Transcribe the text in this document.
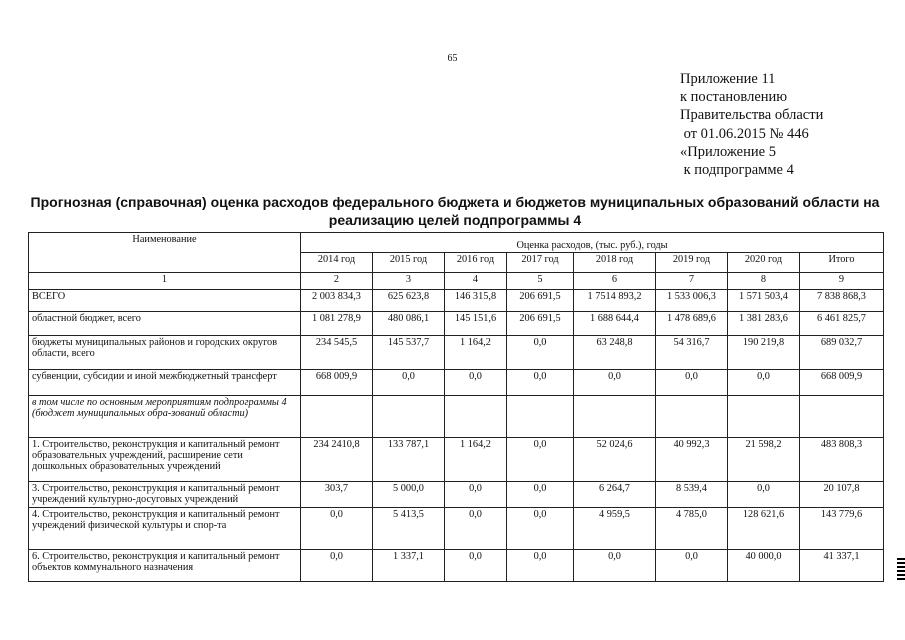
65
Приложение 11
к постановлению
Правительства области
от 01.06.2015 № 446
«Приложение 5
к подпрограмме 4
Прогнозная (справочная) оценка расходов федерального бюджета и бюджетов муниципальных образований области на реализацию целей подпрограммы 4
Наименование	Оценка расходов, (тыс. руб.), годы							
	2014 год	2015 год	2016 год	2017 год	2018 год	2019 год	2020 год	Итого
1	2	3	4	5	6	7	8	9
ВСЕГО	2 003 834,3	625 623,8	146 315,8	206 691,5	1 7514 893,2	1 533 006,3	1 571 503,4	7 838 868,3
областной бюджет, всего	1 081 278,9	480 086,1	145 151,6	206 691,5	1 688 644,4	1 478 689,6	1 381 283,6	6 461 825,7
бюджеты муниципальных районов и городских округов области, всего	234 545,5	145 537,7	1 164,2	0,0	63 248,8	54 316,7	190 219,8	689 032,7
субвенции, субсидии и иной межбюджетный трансферт	668 009,9	0,0	0,0	0,0	0,0	0,0	0,0	668 009,9
в том числе по основным мероприятиям подпрограммы 4 (бюджет муниципальных обра-зований области)								
1. Строительство, реконструкция и капитальный ремонт образовательных учреждений, расширение сети дошкольных образовательных учреждений	234 2410,8	133 787,1	1 164,2	0,0	52 024,6	40 992,3	21 598,2	483 808,3
3. Строительство, реконструкция и капитальный ремонт учреждений культурно-досуговых учреждений	303,7	5 000,0	0,0	0,0	6 264,7	8 539,4	0,0	20 107,8
4. Строительство, реконструкция и капитальный ремонт учреждений физической культуры и спор-та	0,0	5 413,5	0,0	0,0	4 959,5	4 785,0	128 621,6	143 779,6
6. Строительство, реконструкция и капитальный ремонт объектов коммунального назначения	0,0	1 337,1	0,0	0,0	0,0	0,0	40 000,0	41 337,1
